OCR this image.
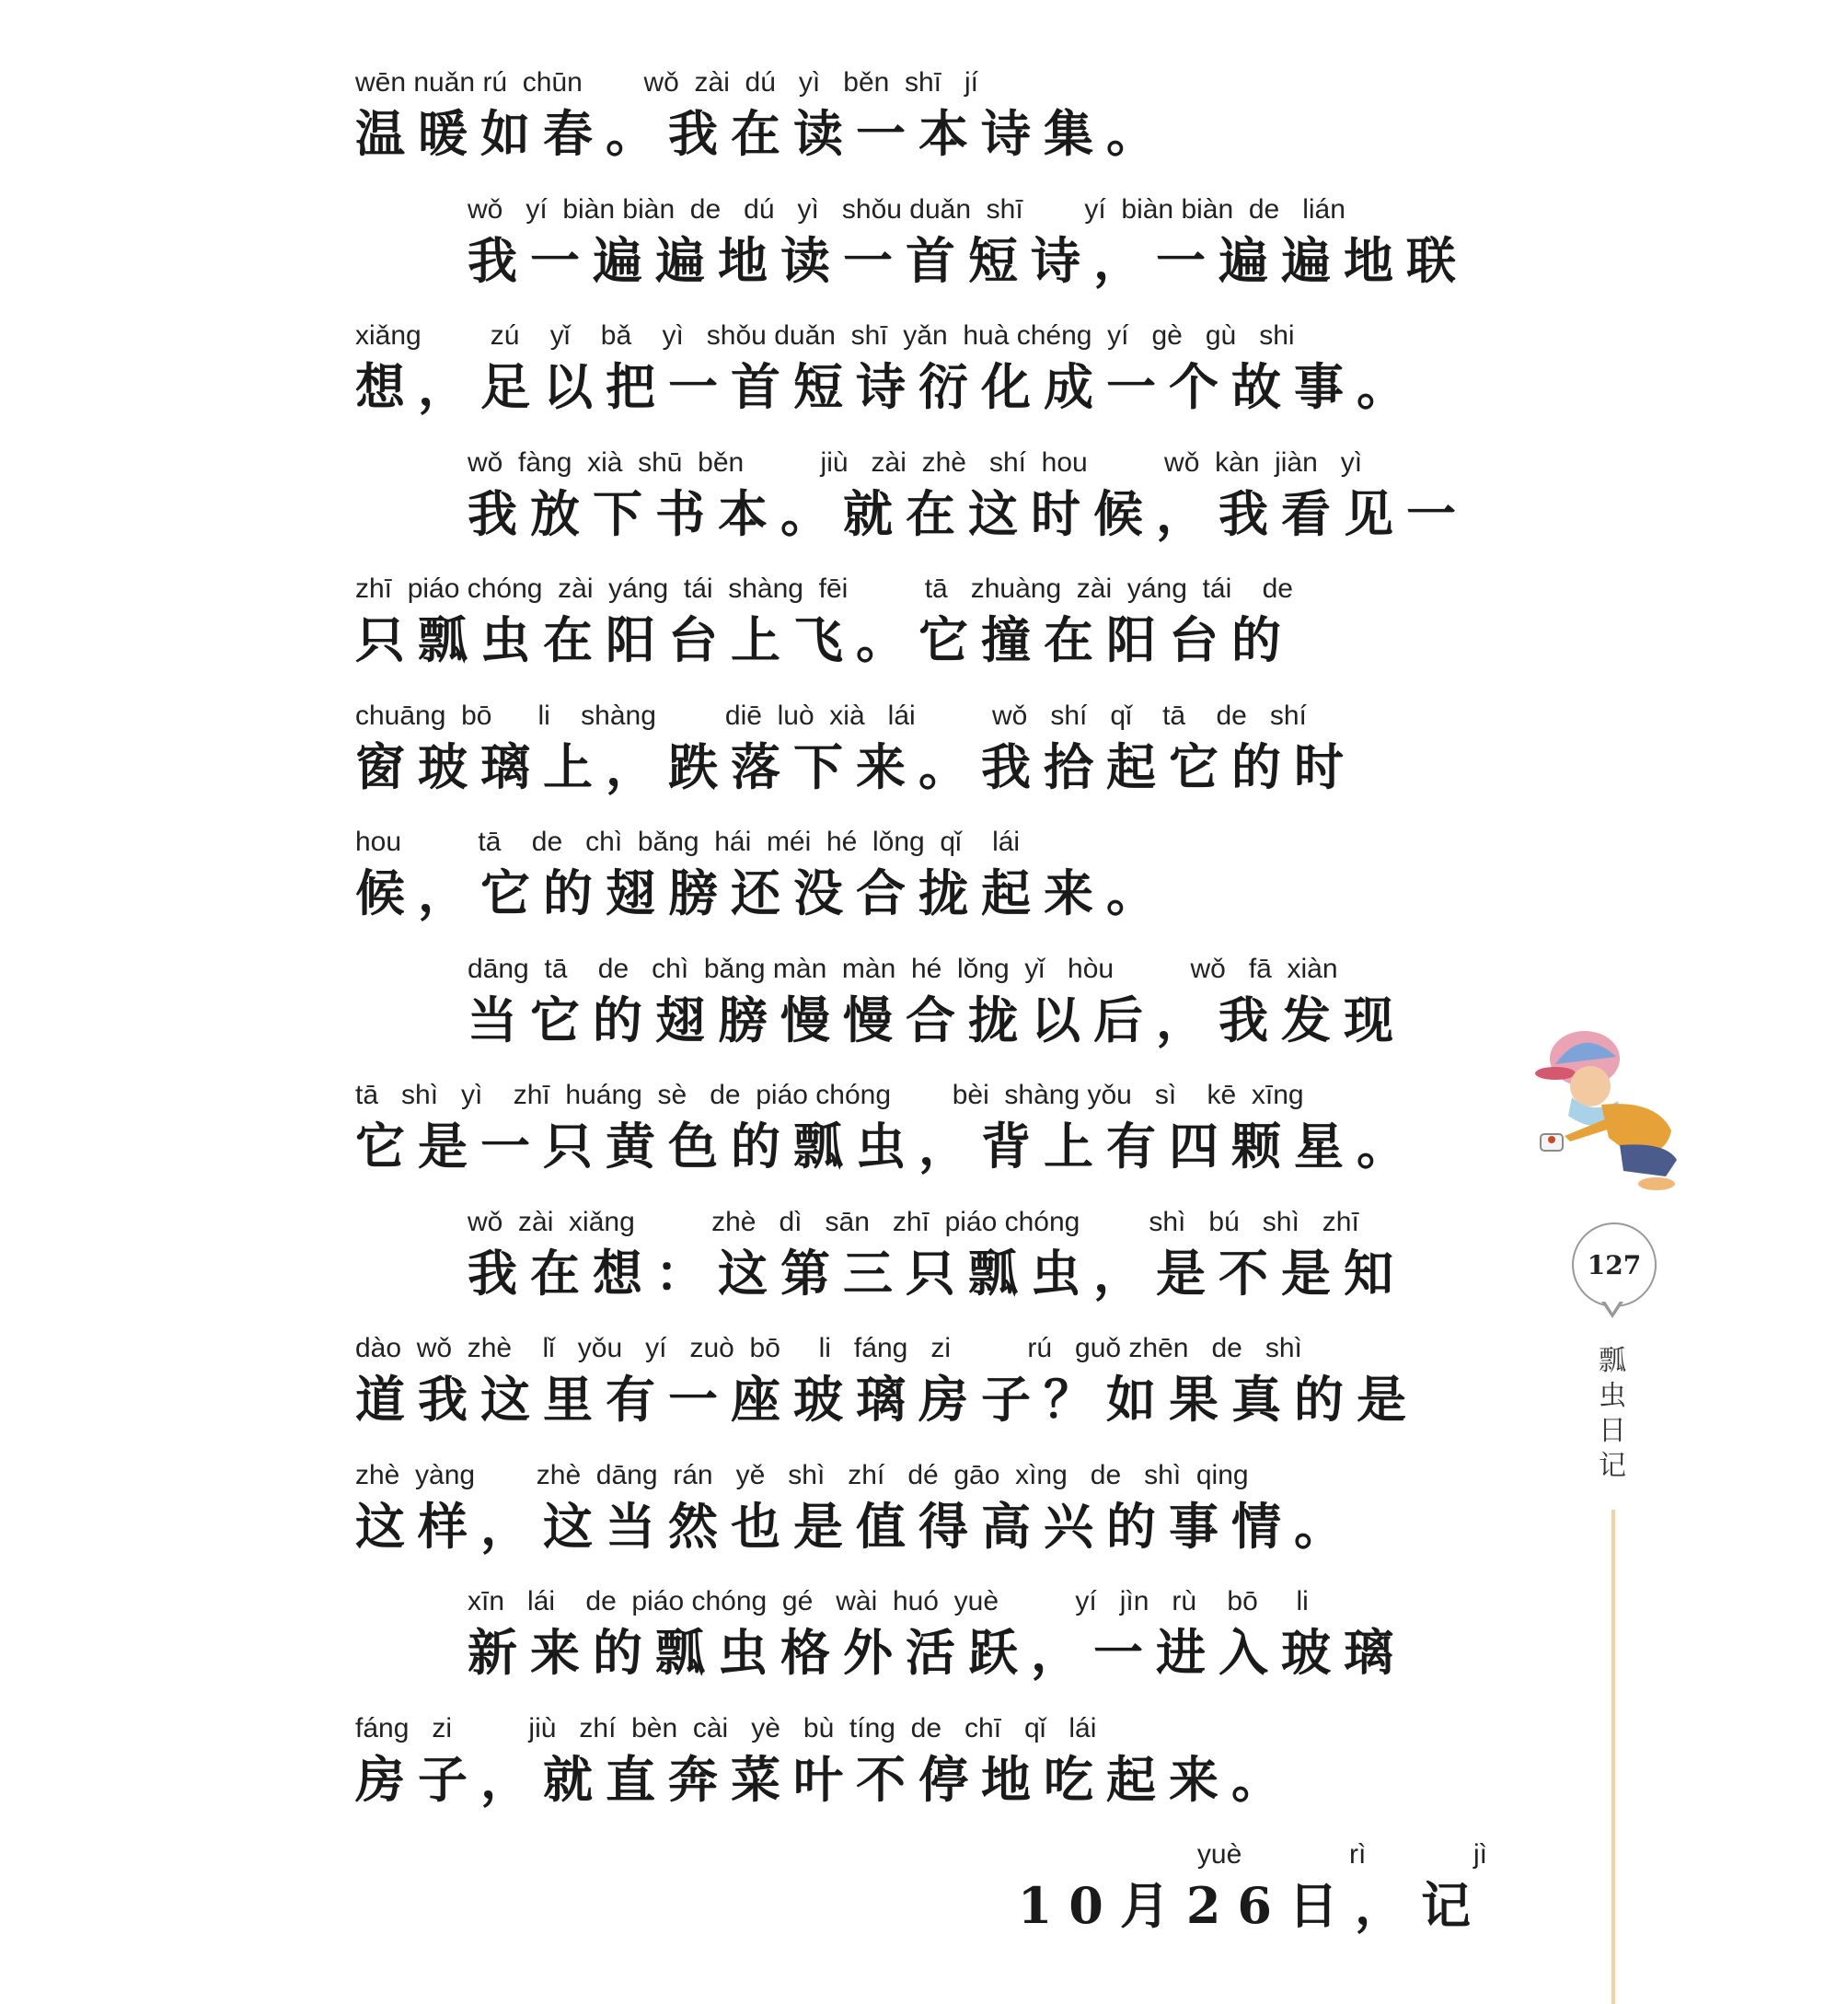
wēn nuǎn rú  chūn        wǒ  zài  dú   yì   běn  shī   jí
温暖如春。我在读一本诗集。
wǒ   yí  biàn biàn  de   dú   yì   shǒu duǎn  shī        yí  biàn biàn  de   lián
我一遍遍地读一首短诗，一遍遍地联
xiǎng         zú    yǐ    bǎ    yì   shǒu duǎn  shī  yǎn  huà chéng  yí   gè   gù   shi
想，足以把一首短诗衍化成一个故事。
wǒ  fàng  xià  shū  běn          jiù   zài  zhè   shí  hou          wǒ  kàn  jiàn   yì
我放下书本。就在这时候，我看见一
zhī  piáo chóng  zài  yáng  tái  shàng  fēi          tā   zhuàng  zài  yáng  tái    de
只瓢虫在阳台上飞。它撞在阳台的
chuāng  bō      li    shàng         diē  luò  xià   lái          wǒ   shí   qǐ    tā    de   shí
窗玻璃上，跌落下来。我拾起它的时
hou          tā    de   chì  bǎng  hái  méi  hé  lǒng  qǐ    lái
候，它的翅膀还没合拢起来。
dāng  tā    de   chì  bǎng màn  màn  hé  lǒng  yǐ   hòu          wǒ   fā  xiàn
当它的翅膀慢慢合拢以后，我发现
tā   shì   yì    zhī  huáng  sè   de  piáo chóng        bèi  shàng yǒu   sì    kē  xīng
它是一只黄色的瓢虫，背上有四颗星。
wǒ  zài  xiǎng          zhè   dì   sān   zhī  piáo chóng         shì   bú   shì   zhī
我在想：这第三只瓢虫，是不是知
dào  wǒ  zhè    lǐ   yǒu   yí   zuò  bō     li   fáng   zi          rú   guǒ zhēn   de   shì
道我这里有一座玻璃房子？如果真的是
zhè  yàng        zhè  dāng  rán   yě   shì   zhí   dé  gāo  xìng   de   shì  qing
这样，这当然也是值得高兴的事情。
xīn   lái    de  piáo chóng  gé   wài  huó  yuè          yí   jìn   rù    bō     li
新来的瓢虫格外活跃，一进入玻璃
fáng   zi          jiù   zhí  bèn  cài   yè   bù  tíng  de   chī   qǐ   lái
房子，就直奔菜叶不停地吃起来。
yuè              rì              jì
10月26日，记
127
瓢虫日记
